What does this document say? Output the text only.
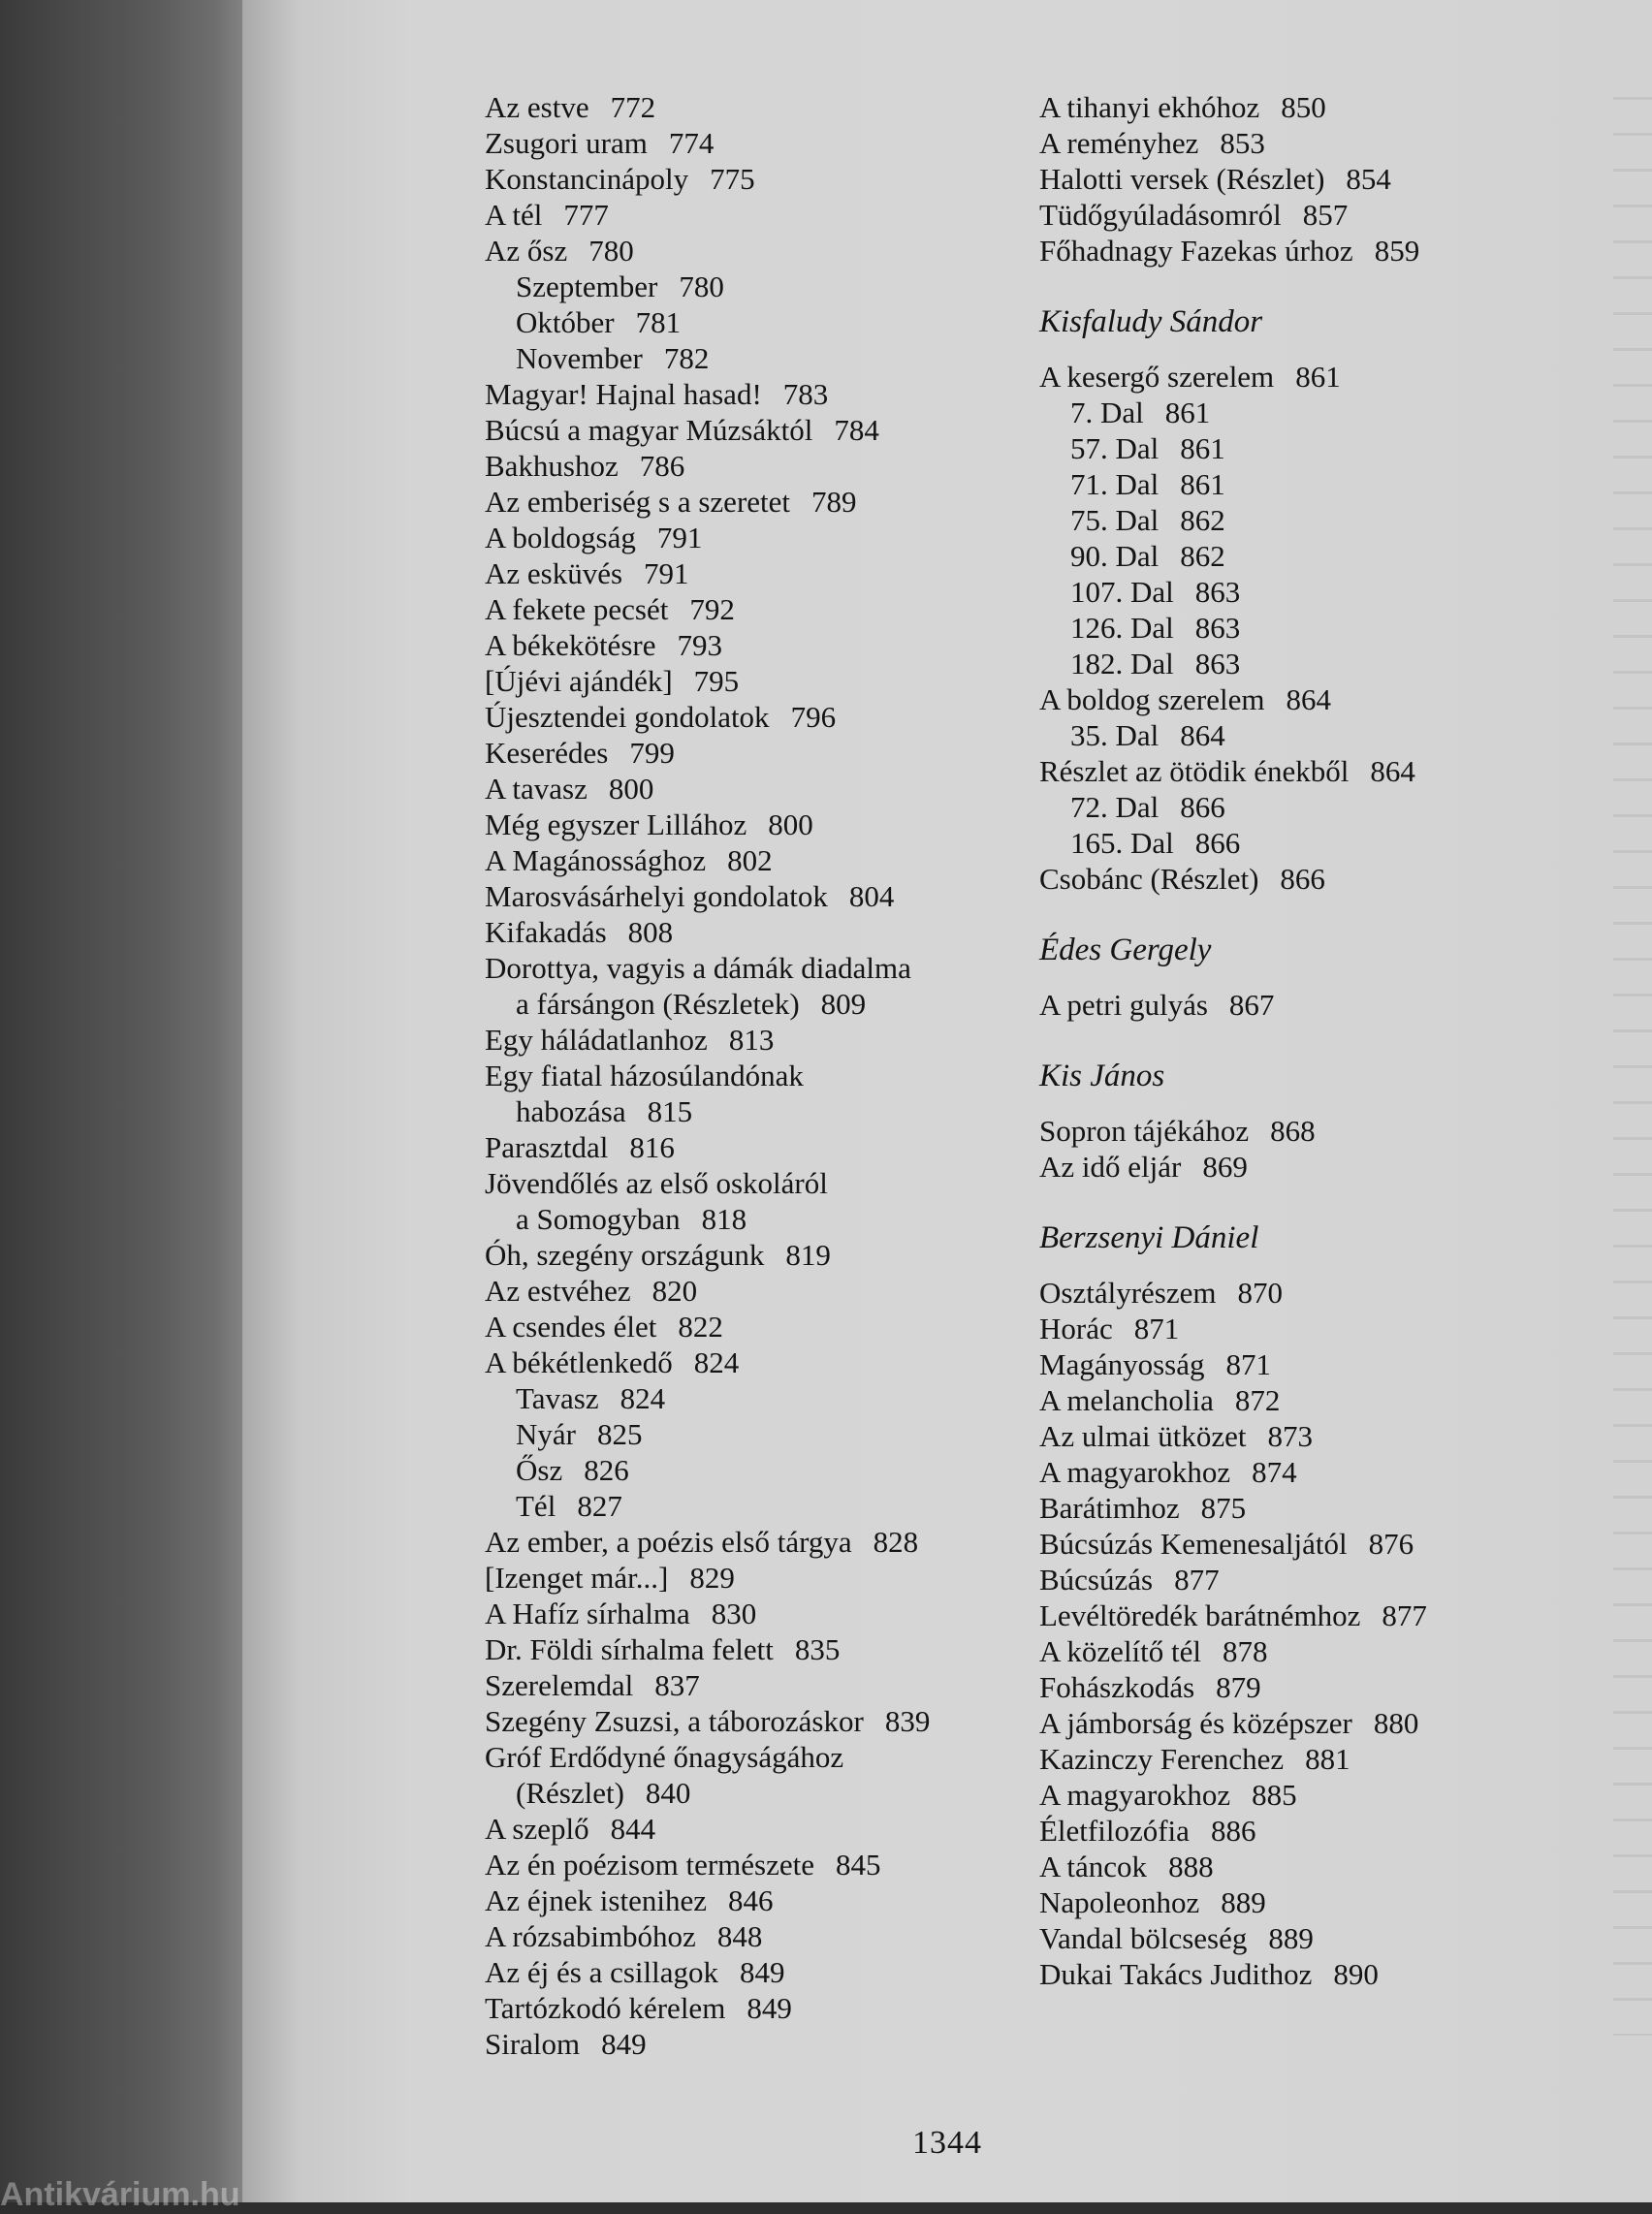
Az estve 772
Zsugori uram 774
Konstancinápoly 775
A tél 777
Az ősz 780
Szeptember 780
Október 781
November 782
Magyar! Hajnal hasad! 783
Búcsú a magyar Múzsáktól 784
Bakhushoz 786
Az emberiség s a szeretet 789
A boldogság 791
Az esküvés 791
A fekete pecsét 792
A békekötésre 793
[Újévi ajándék] 795
Újesztendei gondolatok 796
Keserédes 799
A tavasz 800
Még egyszer Lillához 800
A Magánossághoz 802
Marosvásárhelyi gondolatok 804
Kifakadás 808
Dorottya, vagyis a dámák diadalma
a fársángon (Részletek) 809
Egy háládatlanhoz 813
Egy fiatal házosúlandónak
habozása 815
Parasztdal 816
Jövendőlés az első oskoláról
a Somogyban 818
Óh, szegény országunk 819
Az estvéhez 820
A csendes élet 822
A békétlenkedő 824
Tavasz 824
Nyár 825
Ősz 826
Tél 827
Az ember, a poézis első tárgya 828
[Izenget már...] 829
A Hafíz sírhalma 830
Dr. Földi sírhalma felett 835
Szerelemdal 837
Szegény Zsuzsi, a táborozáskor 839
Gróf Erdődyné őnagyságához
(Részlet) 840
A szeplő 844
Az én poézisom természete 845
Az éjnek istenihez 846
A rózsabimbóhoz 848
Az éj és a csillagok 849
Tartózkodó kérelem 849
Siralom 849
A tihanyi ekhóhoz 850
A reményhez 853
Halotti versek (Részlet) 854
Tüdőgyúladásomról 857
Főhadnagy Fazekas úrhoz 859
Kisfaludy Sándor
A kesergő szerelem 861
7. Dal 861
57. Dal 861
71. Dal 861
75. Dal 862
90. Dal 862
107. Dal 863
126. Dal 863
182. Dal 863
A boldog szerelem 864
35. Dal 864
Részlet az ötödik énekből 864
72. Dal 866
165. Dal 866
Csobánc (Részlet) 866
Édes Gergely
A petri gulyás 867
Kis János
Sopron tájékához 868
Az idő eljár 869
Berzsenyi Dániel
Osztályrészem 870
Horác 871
Magányosság 871
A melancholia 872
Az ulmai ütközet 873
A magyarokhoz 874
Barátimhoz 875
Búcsúzás Kemenesaljától 876
Búcsúzás 877
Levéltöredék barátnémhoz 877
A közelítő tél 878
Fohászkodás 879
A jámborság és középszer 880
Kazinczy Ferenchez 881
A magyarokhoz 885
Életfilozófia 886
A táncok 888
Napoleonhoz 889
Vandal bölcseség 889
Dukai Takács Judithoz 890
1344
Antikvárium.hu
